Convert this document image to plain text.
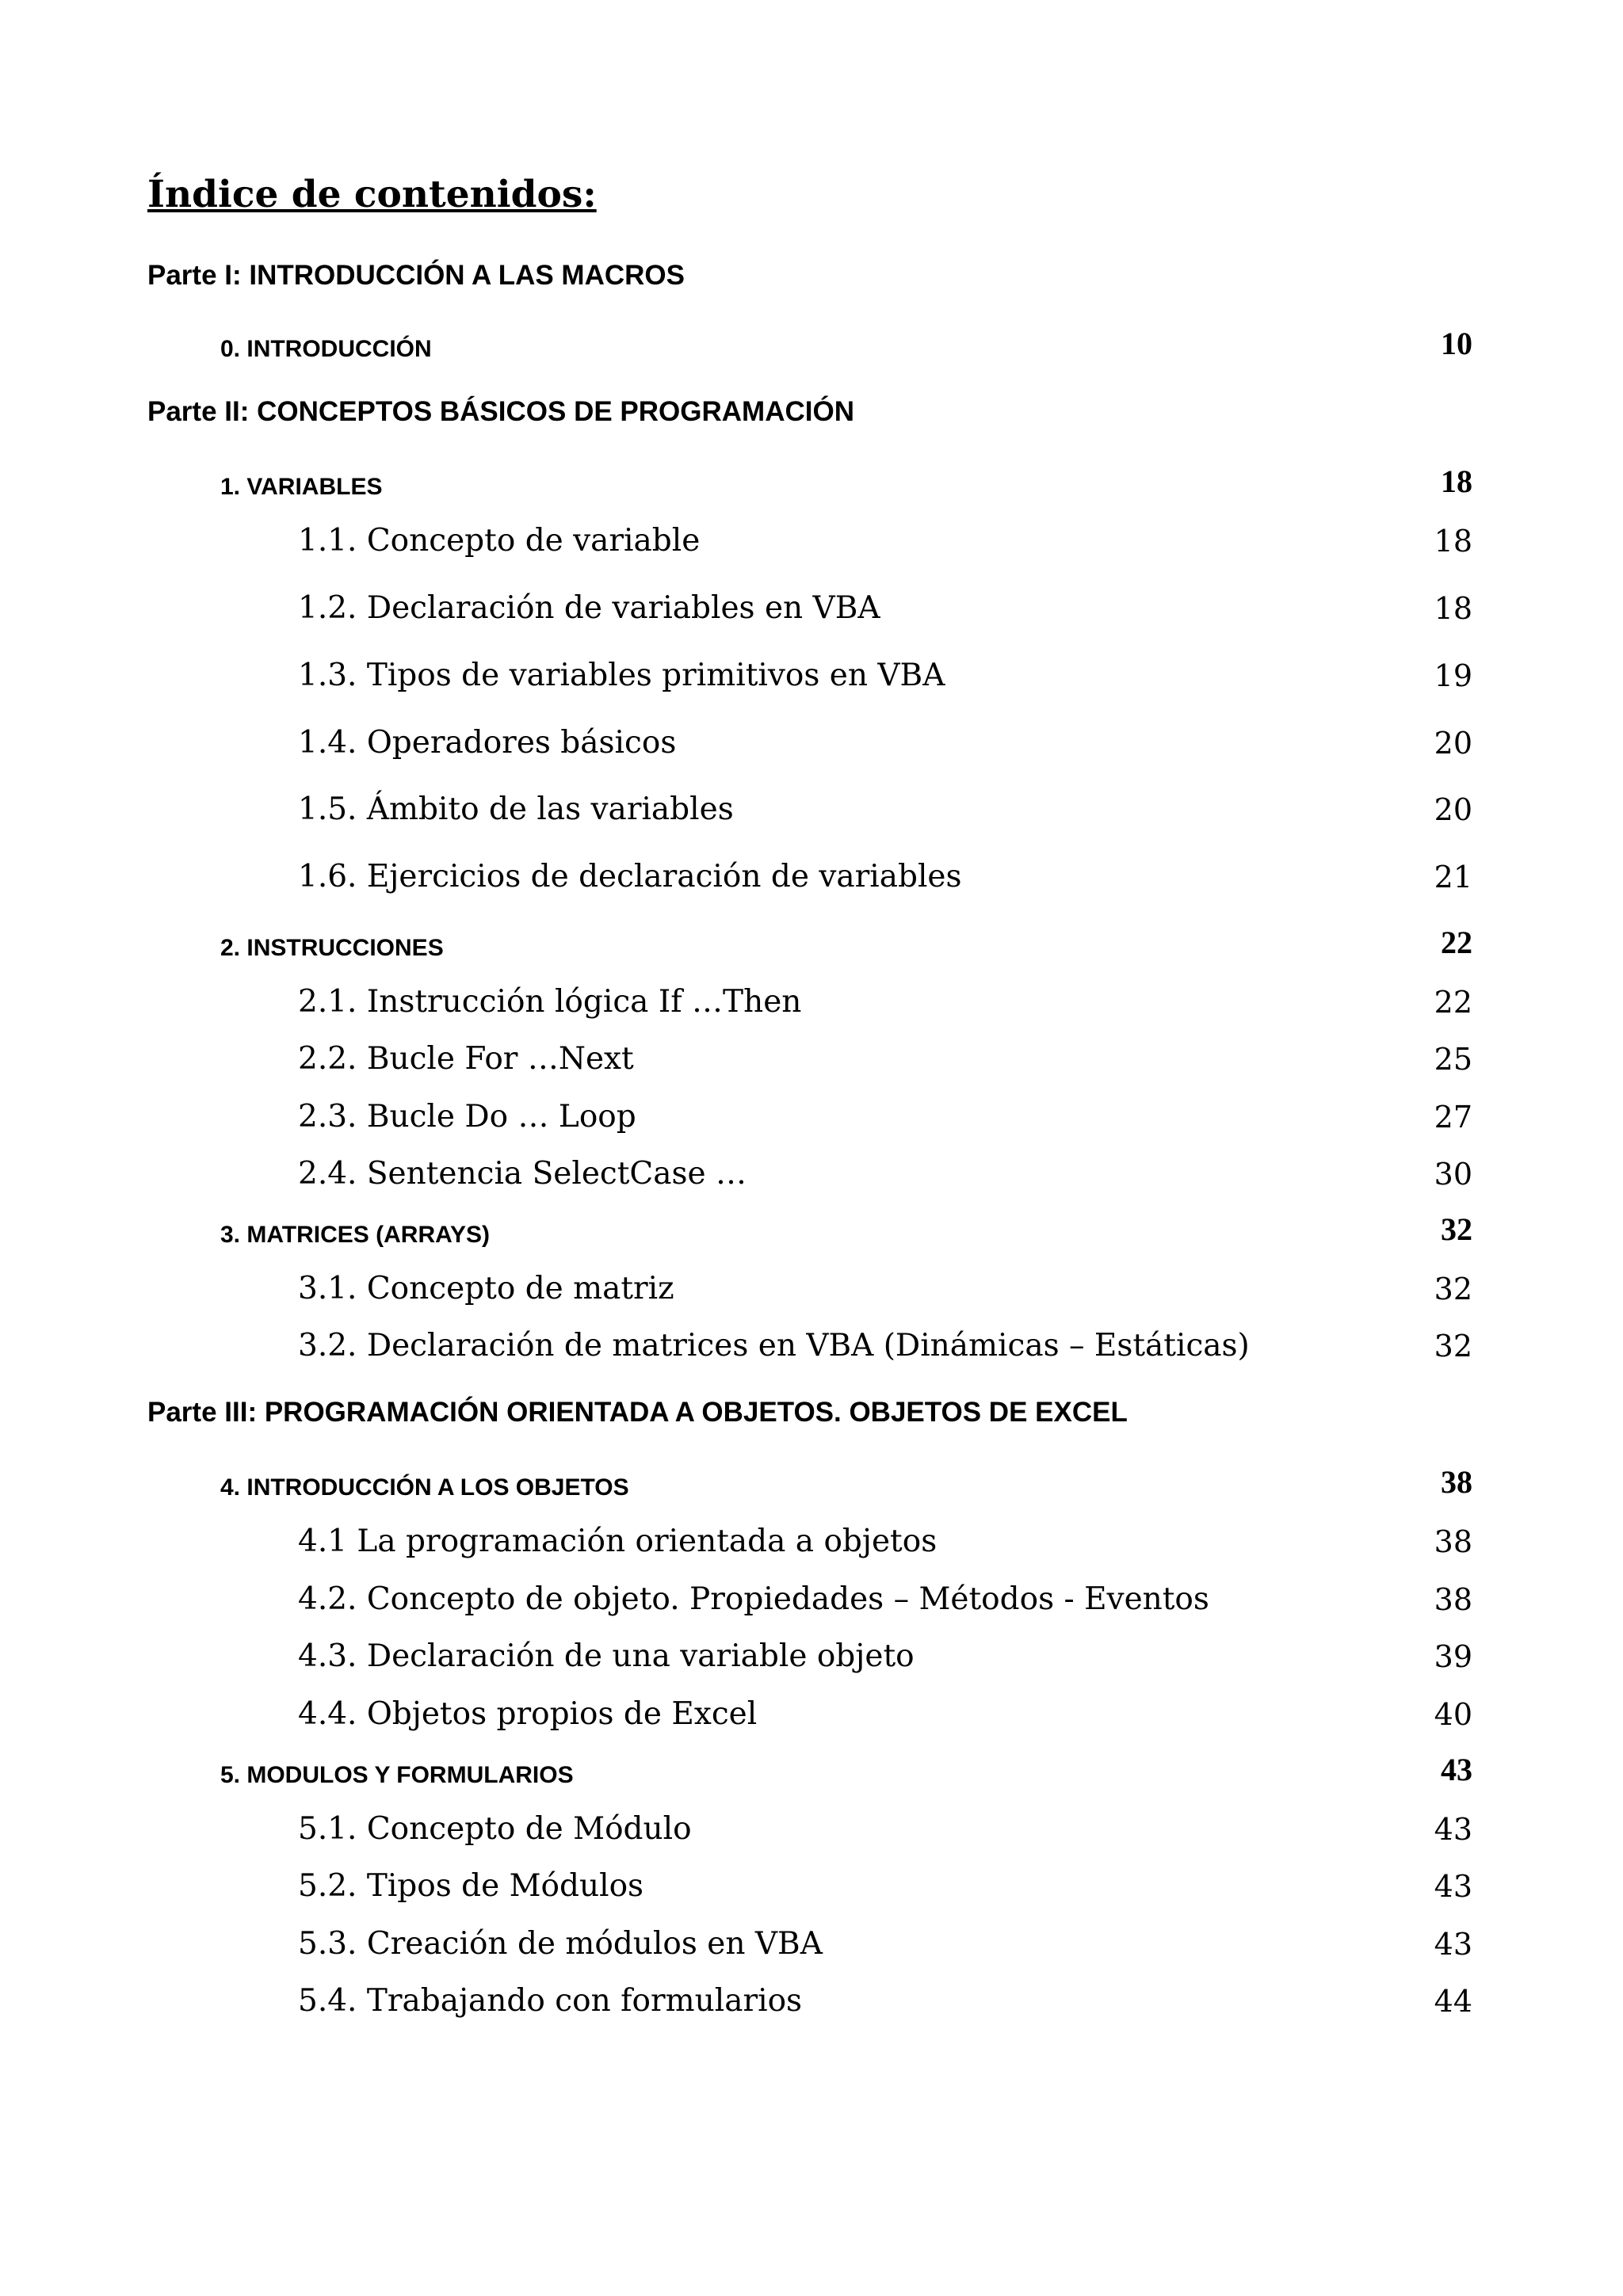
Índice de contenidos:
Parte I: INTRODUCCIÓN A LAS MACROS
0. INTRODUCCIÓN	10
Parte II: CONCEPTOS BÁSICOS DE PROGRAMACIÓN
1. VARIABLES	18
1.1. Concepto de variable	18
1.2. Declaración de variables en VBA	18
1.3. Tipos de variables primitivos en VBA	19
1.4. Operadores básicos	20
1.5. Ámbito de las variables	20
1.6. Ejercicios de declaración de variables	21
2. INSTRUCCIONES	22
2.1. Instrucción lógica If …Then	22
2.2. Bucle For …Next	25
2.3. Bucle Do … Loop	27
2.4. Sentencia SelectCase …	30
3. MATRICES (ARRAYS)	32
3.1. Concepto de matriz	32
3.2. Declaración de matrices en VBA (Dinámicas – Estáticas)	32
Parte III: PROGRAMACIÓN ORIENTADA A OBJETOS. OBJETOS DE EXCEL
4. INTRODUCCIÓN A LOS OBJETOS	38
4.1 La programación orientada a objetos	38
4.2. Concepto de objeto. Propiedades – Métodos - Eventos	38
4.3. Declaración de una variable objeto	39
4.4. Objetos propios de Excel	40
5. MODULOS Y FORMULARIOS	43
5.1. Concepto de Módulo	43
5.2. Tipos de Módulos	43
5.3. Creación de módulos en VBA	43
5.4. Trabajando con formularios	44
